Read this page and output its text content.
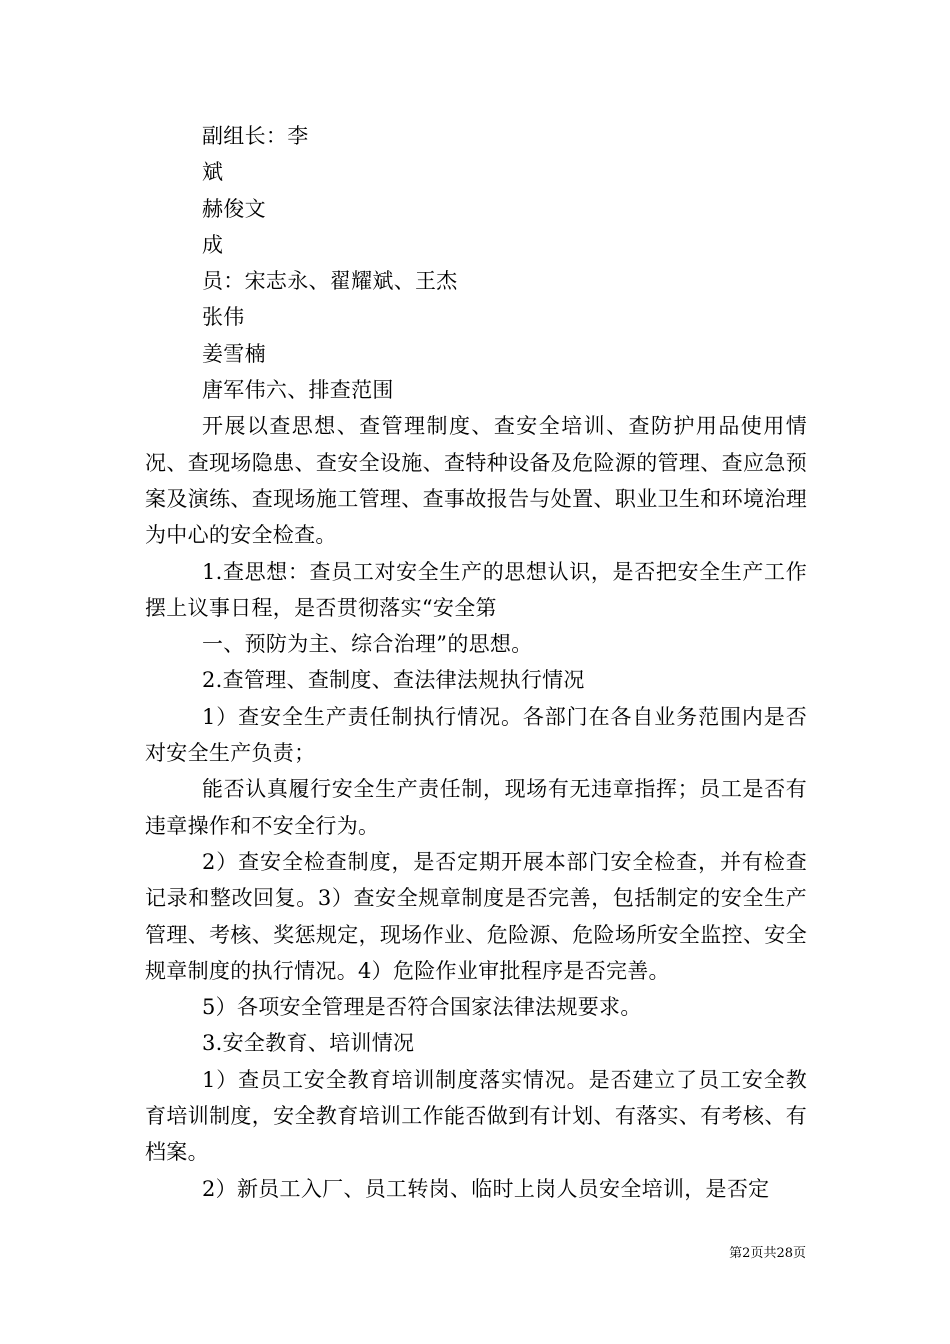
副组长：李
斌
赫俊文
成
员：宋志永、翟耀斌、王杰
张伟
姜雪楠
唐军伟六、排查范围

开展以查思想、查管理制度、查安全培训、查防护用品使用情况、查现场隐患、查安全设施、查特种设备及危险源的管理、查应急预案及演练、查现场施工管理、查事故报告与处置、职业卫生和环境治理为中心的安全检查。

1.查思想：查员工对安全生产的思想认识，是否把安全生产工作摆上议事日程，是否贯彻落实“安全第

一、预防为主、综合治理”的思想。

2.查管理、查制度、查法律法规执行情况

1）查安全生产责任制执行情况。各部门在各自业务范围内是否对安全生产负责；

能否认真履行安全生产责任制，现场有无违章指挥；员工是否有违章操作和不安全行为。

2）查安全检查制度，是否定期开展本部门安全检查，并有检查记录和整改回复。3）查安全规章制度是否完善，包括制定的安全生产管理、考核、奖惩规定，现场作业、危险源、危险场所安全监控、安全规章制度的执行情况。4）危险作业审批程序是否完善。

5）各项安全管理是否符合国家法律法规要求。

3.安全教育、培训情况

1）查员工安全教育培训制度落实情况。是否建立了员工安全教育培训制度，安全教育培训工作能否做到有计划、有落实、有考核、有档案。

2）新员工入厂、员工转岗、临时上岗人员安全培训，是否定

第2页共28页
